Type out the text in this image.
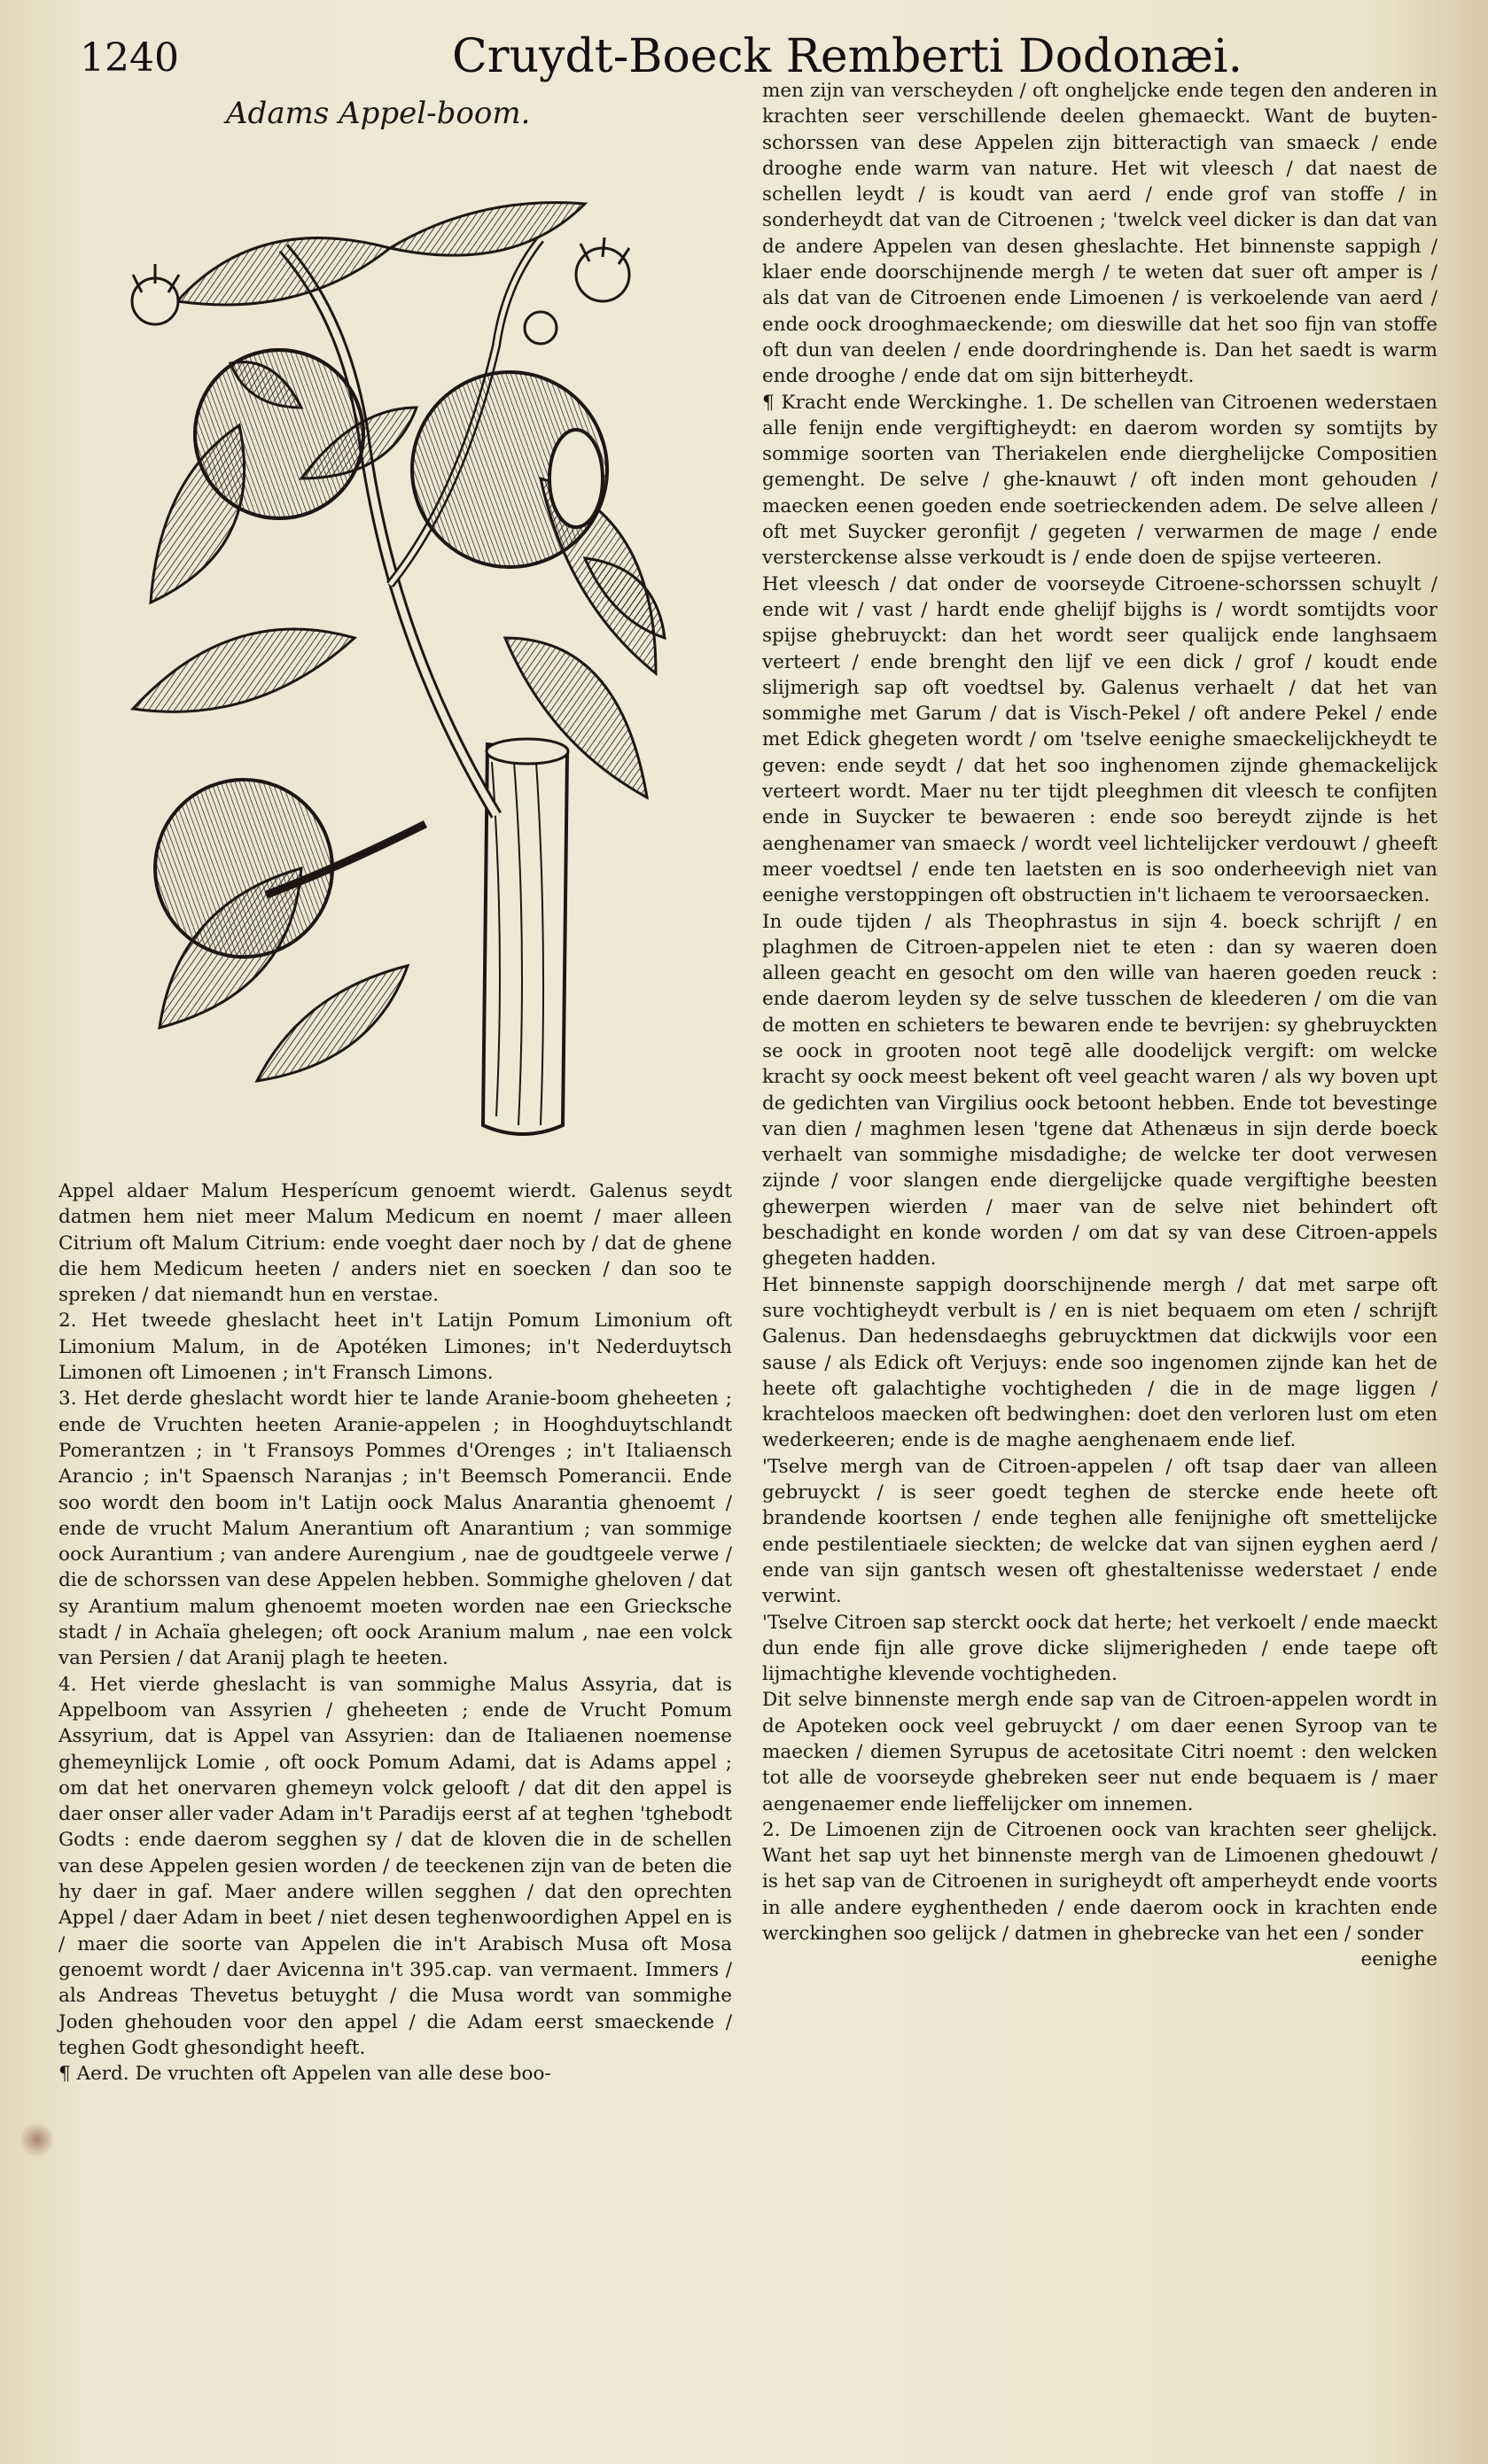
1240	Cruydt-Boeck Remberti Dodonæi.
Adams Appel-boom.

Appel aldaer Malum Hesperícum genoemt wierdt. Galenus seydt datmen hem niet meer Malum Medicum en noemt / maer alleen Citrium oft Malum Citrium: ende voeght daer noch by / dat de ghene die hem Medicum heeten / anders niet en soecken / dan soo te spreken / dat niemandt hun en verstae.

2. Het tweede gheslacht heet in't Latijn Pomum Limonium oft Limonium Malum, in de Apotéken Limones; in't Nederduytsch Limonen oft Limoenen ; in't Fransch Limons.

3. Het derde gheslacht wordt hier te lande Aranie-boom gheheeten ; ende de Vruchten heeten Aranie-appelen ; in Hooghduytschlandt Pomerantzen ; in 't Fransoys Pommes d'Orenges ; in't Italiaensch Arancio ; in't Spaensch Naranjas ; in't Beemsch Pomerancii. Ende soo wordt den boom in't Latijn oock Malus Anarantia ghenoemt / ende de vrucht Malum Anerantium oft Anarantium ; van sommige oock Aurantium ; van andere Aurengium , nae de goudtgeele verwe / die de schorssen van dese Appelen hebben. Sommighe gheloven / dat sy Arantium malum ghenoemt moeten worden nae een Griecksche stadt / in Achaïa ghelegen; oft oock Aranium malum , nae een volck van Persien / dat Aranij plagh te heeten.

4. Het vierde gheslacht is van sommighe Malus Assyria, dat is Appelboom van Assyrien / gheheeten ; ende de Vrucht Pomum Assyrium, dat is Appel van Assyrien: dan de Italiaenen noemense ghemeynlijck Lomie , oft oock Pomum Adami, dat is Adams appel ; om dat het onervaren ghemeyn volck gelooft / dat dit den appel is daer onser aller vader Adam in't Paradijs eerst af at teghen 'tghebodt Godts : ende daerom segghen sy / dat de kloven die in de schellen van dese Appelen gesien worden / de teeckenen zijn van de beten die hy daer in gaf. Maer andere willen segghen / dat den oprechten Appel / daer Adam in beet / niet desen teghenwoordighen Appel en is / maer die soorte van Appelen die in't Arabisch Musa oft Mosa genoemt wordt / daer Avicenna in't 395.cap. van vermaent. Immers / als Andreas Thevetus betuyght / die Musa wordt van sommighe Joden ghehouden voor den appel / die Adam eerst smaeckende / teghen Godt ghesondight heeft.

¶ Aerd. De vruchten oft Appelen van alle dese boo-

men zijn van verscheyden / oft ongheljcke ende tegen den anderen in krachten seer verschillende deelen ghemaeckt. Want de buyten-schorssen van dese Appelen zijn bitteractigh van smaeck / ende drooghe ende warm van nature. Het wit vleesch / dat naest de schellen leydt / is koudt van aerd / ende grof van stoffe / in sonderheydt dat van de Citroenen ; 'twelck veel dicker is dan dat van de andere Appelen van desen gheslachte. Het binnenste sappigh / klaer ende doorschijnende mergh / te weten dat suer oft amper is / als dat van de Citroenen ende Limoenen / is verkoelende van aerd / ende oock drooghmaeckende; om dieswille dat het soo fijn van stoffe oft dun van deelen / ende doordringhende is. Dan het saedt is warm ende drooghe / ende dat om sijn bitterheydt.

¶ Kracht ende Werckinghe. 1. De schellen van Citroenen wederstaen alle fenijn ende vergiftigheydt: en daerom worden sy somtijts by sommige soorten van Theriakelen ende dierghelijcke Compositien gemenght. De selve / ghe-knauwt / oft inden mont gehouden / maecken eenen goeden ende soetrieckenden adem. De selve alleen / oft met Suycker geronfijt / gegeten / verwarmen de mage / ende versterckense alsse verkoudt is / ende doen de spijse verteeren.

Het vleesch / dat onder de voorseyde Citroene-schorssen schuylt / ende wit / vast / hardt ende ghelijf bijghs is / wordt somtijdts voor spijse ghebruyckt: dan het wordt seer qualijck ende langhsaem verteert / ende brenght den lijf ve een dick / grof / koudt ende slijmerigh sap oft voedtsel by. Galenus verhaelt / dat het van sommighe met Garum / dat is Visch-Pekel / oft andere Pekel / ende met Edick ghegeten wordt / om 'tselve eenighe smaeckelijckheydt te geven: ende seydt / dat het soo inghenomen zijnde ghemackelijck verteert wordt. Maer nu ter tijdt pleeghmen dit vleesch te confijten ende in Suycker te bewaeren : ende soo bereydt zijnde is het aenghenamer van smaeck / wordt veel lichtelijcker verdouwt / gheeft meer voedtsel / ende ten laetsten en is soo onderheevigh niet van eenighe verstoppingen oft obstructien in't lichaem te veroorsaecken.

In oude tijden / als Theophrastus in sijn 4. boeck schrijft / en plaghmen de Citroen-appelen niet te eten : dan sy waeren doen alleen geacht en gesocht om den wille van haeren goeden reuck : ende daerom leyden sy de selve tusschen de kleederen / om die van de motten en schieters te bewaren ende te bevrijen: sy ghebruyckten se oock in grooten noot tegē alle doodelijck vergift: om welcke kracht sy oock meest bekent oft veel geacht waren / als wy boven upt de gedichten van Virgilius oock betoont hebben. Ende tot bevestinge van dien / maghmen lesen 'tgene dat Athenæus in sijn derde boeck verhaelt van sommighe misdadighe; de welcke ter doot verwesen zijnde / voor slangen ende diergelijcke quade vergiftighe beesten ghewerpen wierden / maer van de selve niet behindert oft beschadight en konde worden / om dat sy van dese Citroen-appels ghegeten hadden.

Het binnenste sappigh doorschijnende mergh / dat met sarpe oft sure vochtigheydt verbult is / en is niet bequaem om eten / schrijft Galenus. Dan hedensdaeghs gebruycktmen dat dickwijls voor een sause / als Edick oft Verjuys: ende soo ingenomen zijnde kan het de heete oft galachtighe vochtigheden / die in de mage liggen / krachteloos maecken oft bedwinghen: doet den verloren lust om eten wederkeeren; ende is de maghe aenghenaem ende lief.

'Tselve mergh van de Citroen-appelen / oft tsap daer van alleen gebruyckt / is seer goedt teghen de stercke ende heete oft brandende koortsen / ende teghen alle fenijnighe oft smettelijcke ende pestilentiaele sieckten; de welcke dat van sijnen eyghen aerd / ende van sijn gantsch wesen oft ghestaltenisse wederstaet / ende verwint.

'Tselve Citroen sap sterckt oock dat herte; het verkoelt / ende maeckt dun ende fijn alle grove dicke slijmerigheden / ende taepe oft lijmachtighe klevende vochtigheden.

Dit selve binnenste mergh ende sap van de Citroen-appelen wordt in de Apoteken oock veel gebruyckt / om daer eenen Syroop van te maecken / diemen Syrupus de acetositate Citri noemt : den welcken tot alle de voorseyde ghebreken seer nut ende bequaem is / maer aengenaemer ende lieffelijcker om innemen.

2. De Limoenen zijn de Citroenen oock van krachten seer ghelijck. Want het sap uyt het binnenste mergh van de Limoenen ghedouwt / is het sap van de Citroenen in surigheydt oft amperheydt ende voorts in alle andere eyghentheden / ende daerom oock in krachten ende werckinghen soo gelijck / datmen in ghebrecke van het een / sonder

eenighe
